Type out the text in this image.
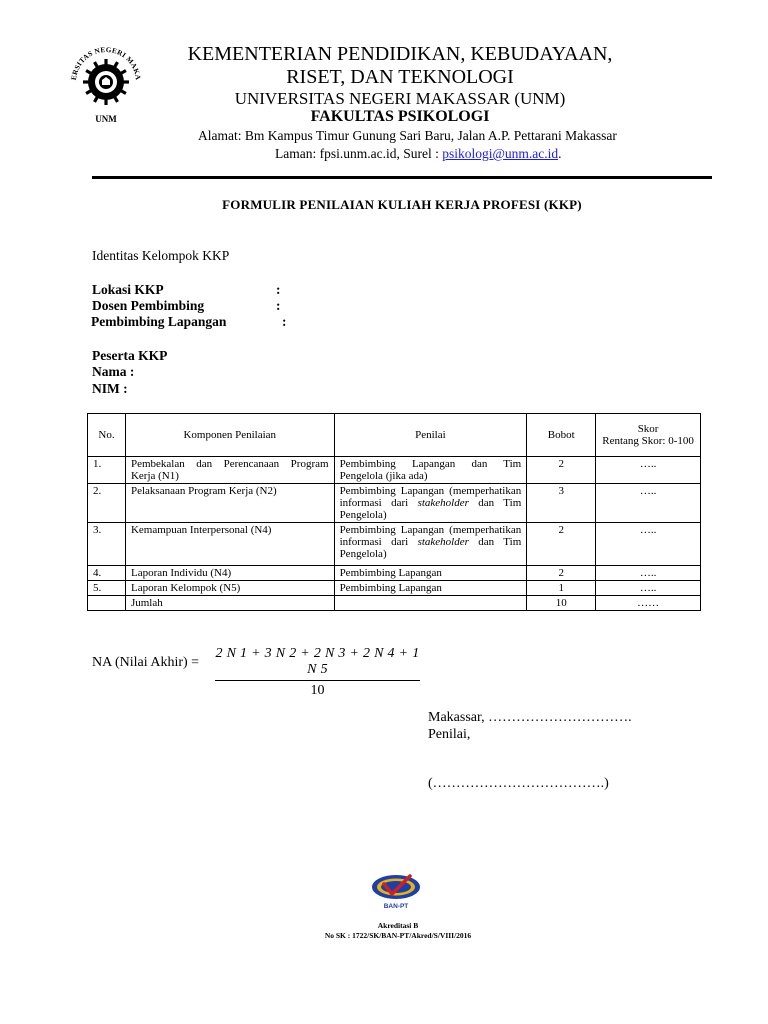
ERSITAS NEGERI MAKA
UNM
KEMENTERIAN PENDIDIKAN, KEBUDAYAAN,
RISET, DAN TEKNOLOGI
UNIVERSITAS NEGERI MAKASSAR (UNM)
FAKULTAS PSIKOLOGI
Alamat: Bm Kampus Timur Gunung Sari Baru, Jalan A.P. Pettarani Makassar
Laman: fpsi.unm.ac.id, Surel : psikologi@unm.ac.id.
FORMULIR PENILAIAN KULIAH KERJA PROFESI (KKP)
Identitas Kelompok KKP
Lokasi KKP	:
Dosen Pembimbing	:
Pembimbing Lapangan	:
Peserta KKP
Nama :
NIM :
No.	Komponen Penilaian	Penilai	Bobot	Skor
Rentang Skor: 0-100

1.	Pembekalan dan Perencanaan Program Kerja (N1)	Pembimbing Lapangan dan Tim Pengelola (jika ada)	2	…..
2.	Pelaksanaan Program Kerja (N2)	Pembimbing Lapangan (memperhatikan informasi dari stakeholder dan Tim Pengelola)	3	…..
3.	Kemampuan Interpersonal (N4)	Pembimbing Lapangan (memperhatikan informasi dari stakeholder dan Tim Pengelola)	2	…..
4.	Laporan Individu (N4)	Pembimbing Lapangan	2	…..
5.	Laporan Kelompok (N5)	Pembimbing Lapangan	1	…..
	Jumlah		10	……
NA (Nilai Akhir) = $\frac{2 N 1 + 3 N 2 + 2 N 3 + 2 N 4 + 1 N 5}{10}$
Makassar, ………………………….
Penilai,
(……………………………….)
BAN-PT
Akreditasi B
No SK : 1722/SK/BAN-PT/Akred/S/VIII/2016
